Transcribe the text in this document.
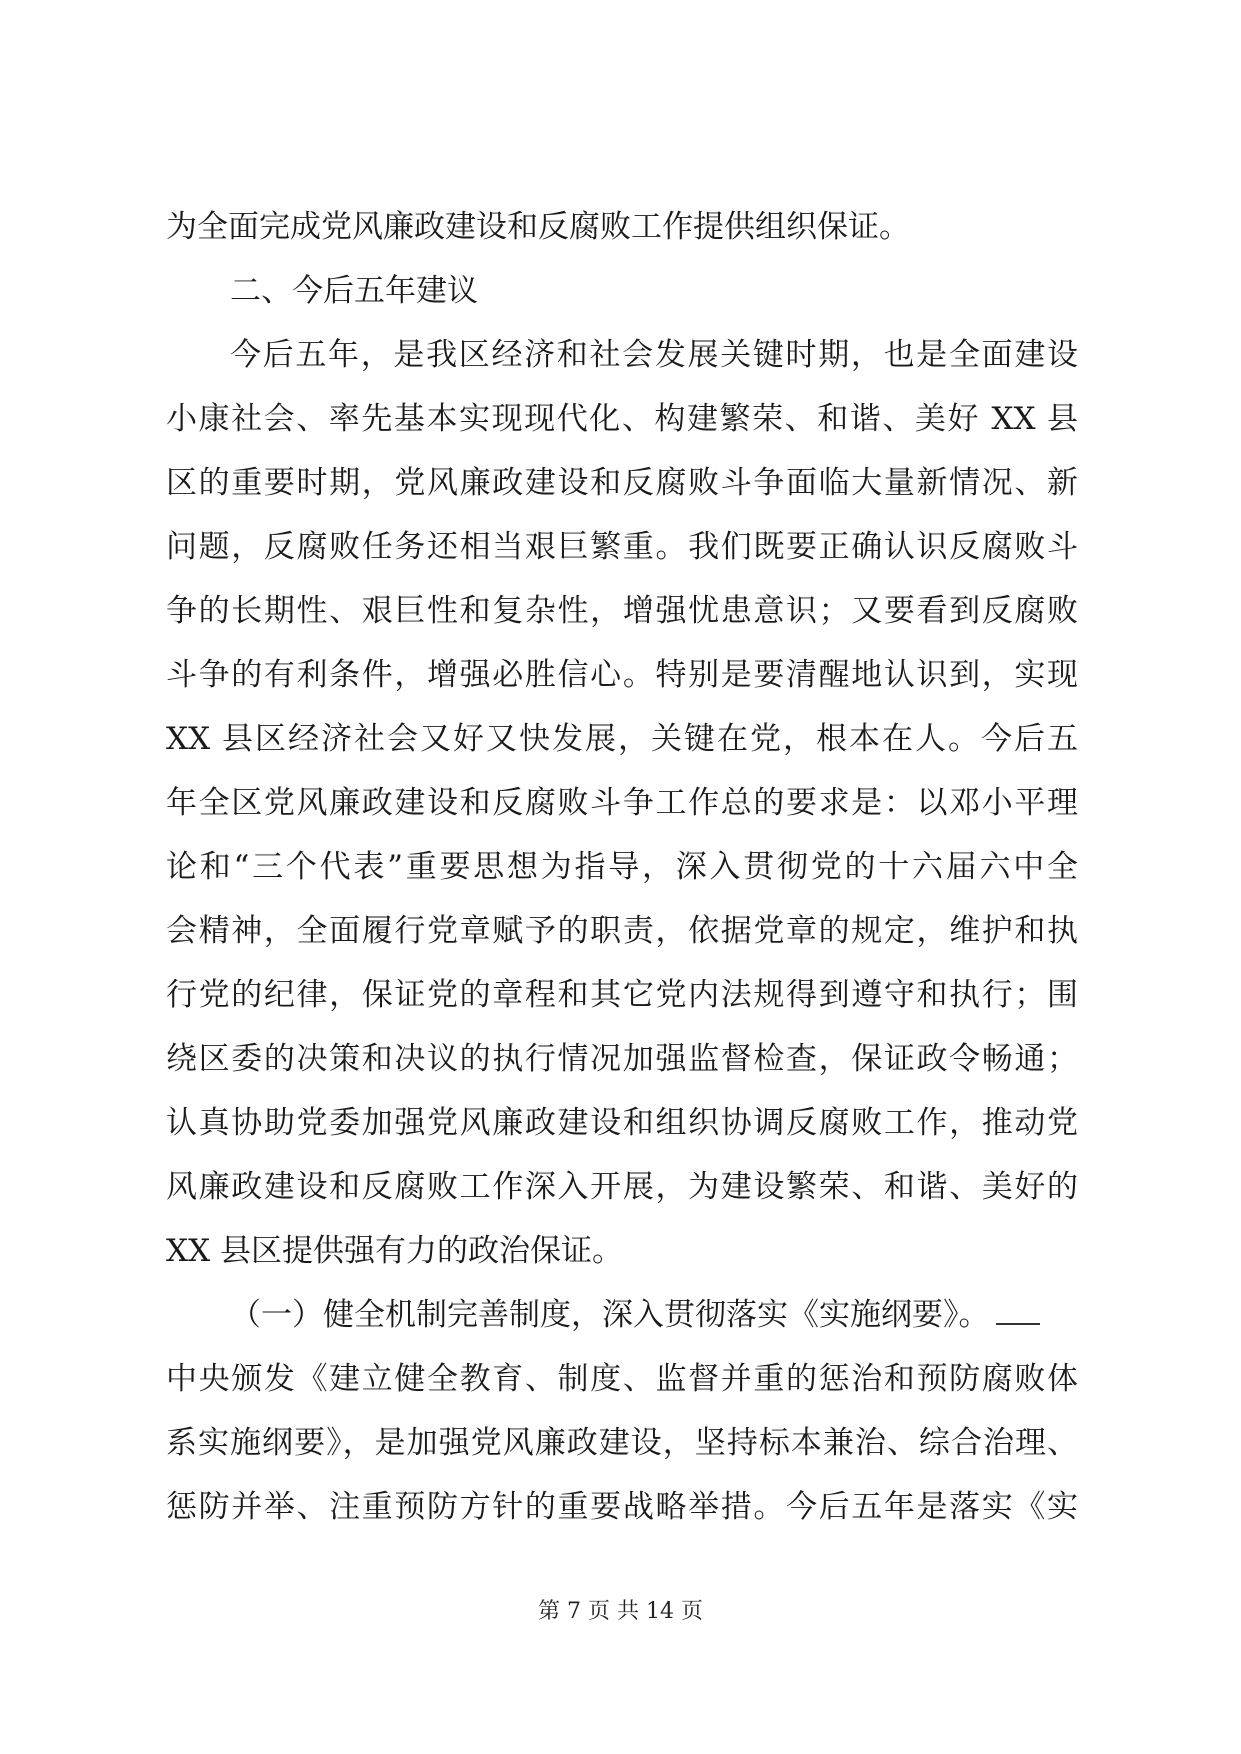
为全面完成党风廉政建设和反腐败工作提供组织保证。
二、今后五年建议
今后五年，是我区经济和社会发展关键时期，也是全面建设
小康社会、率先基本实现现代化、构建繁荣、和谐、美好 XX 县
区的重要时期，党风廉政建设和反腐败斗争面临大量新情况、新
问题，反腐败任务还相当艰巨繁重。我们既要正确认识反腐败斗
争的长期性、艰巨性和复杂性，增强忧患意识；又要看到反腐败
斗争的有利条件，增强必胜信心。特别是要清醒地认识到，实现
XX 县区经济社会又好又快发展，关键在党，根本在人。今后五
年全区党风廉政建设和反腐败斗争工作总的要求是：以邓小平理
论和“三个代表”重要思想为指导，深入贯彻党的十六届六中全
会精神，全面履行党章赋予的职责，依据党章的规定，维护和执
行党的纪律，保证党的章程和其它党内法规得到遵守和执行；围
绕区委的决策和决议的执行情况加强监督检查，保证政令畅通；
认真协助党委加强党风廉政建设和组织协调反腐败工作，推动党
风廉政建设和反腐败工作深入开展，为建设繁荣、和谐、美好的
XX 县区提供强有力的政治保证。
（一）健全机制完善制度，深入贯彻落实《实施纲要》。
中央颁发《建立健全教育、制度、监督并重的惩治和预防腐败体
系实施纲要》，是加强党风廉政建设，坚持标本兼治、综合治理、
惩防并举、注重预防方针的重要战略举措。今后五年是落实《实
第 7 页 共 14 页
